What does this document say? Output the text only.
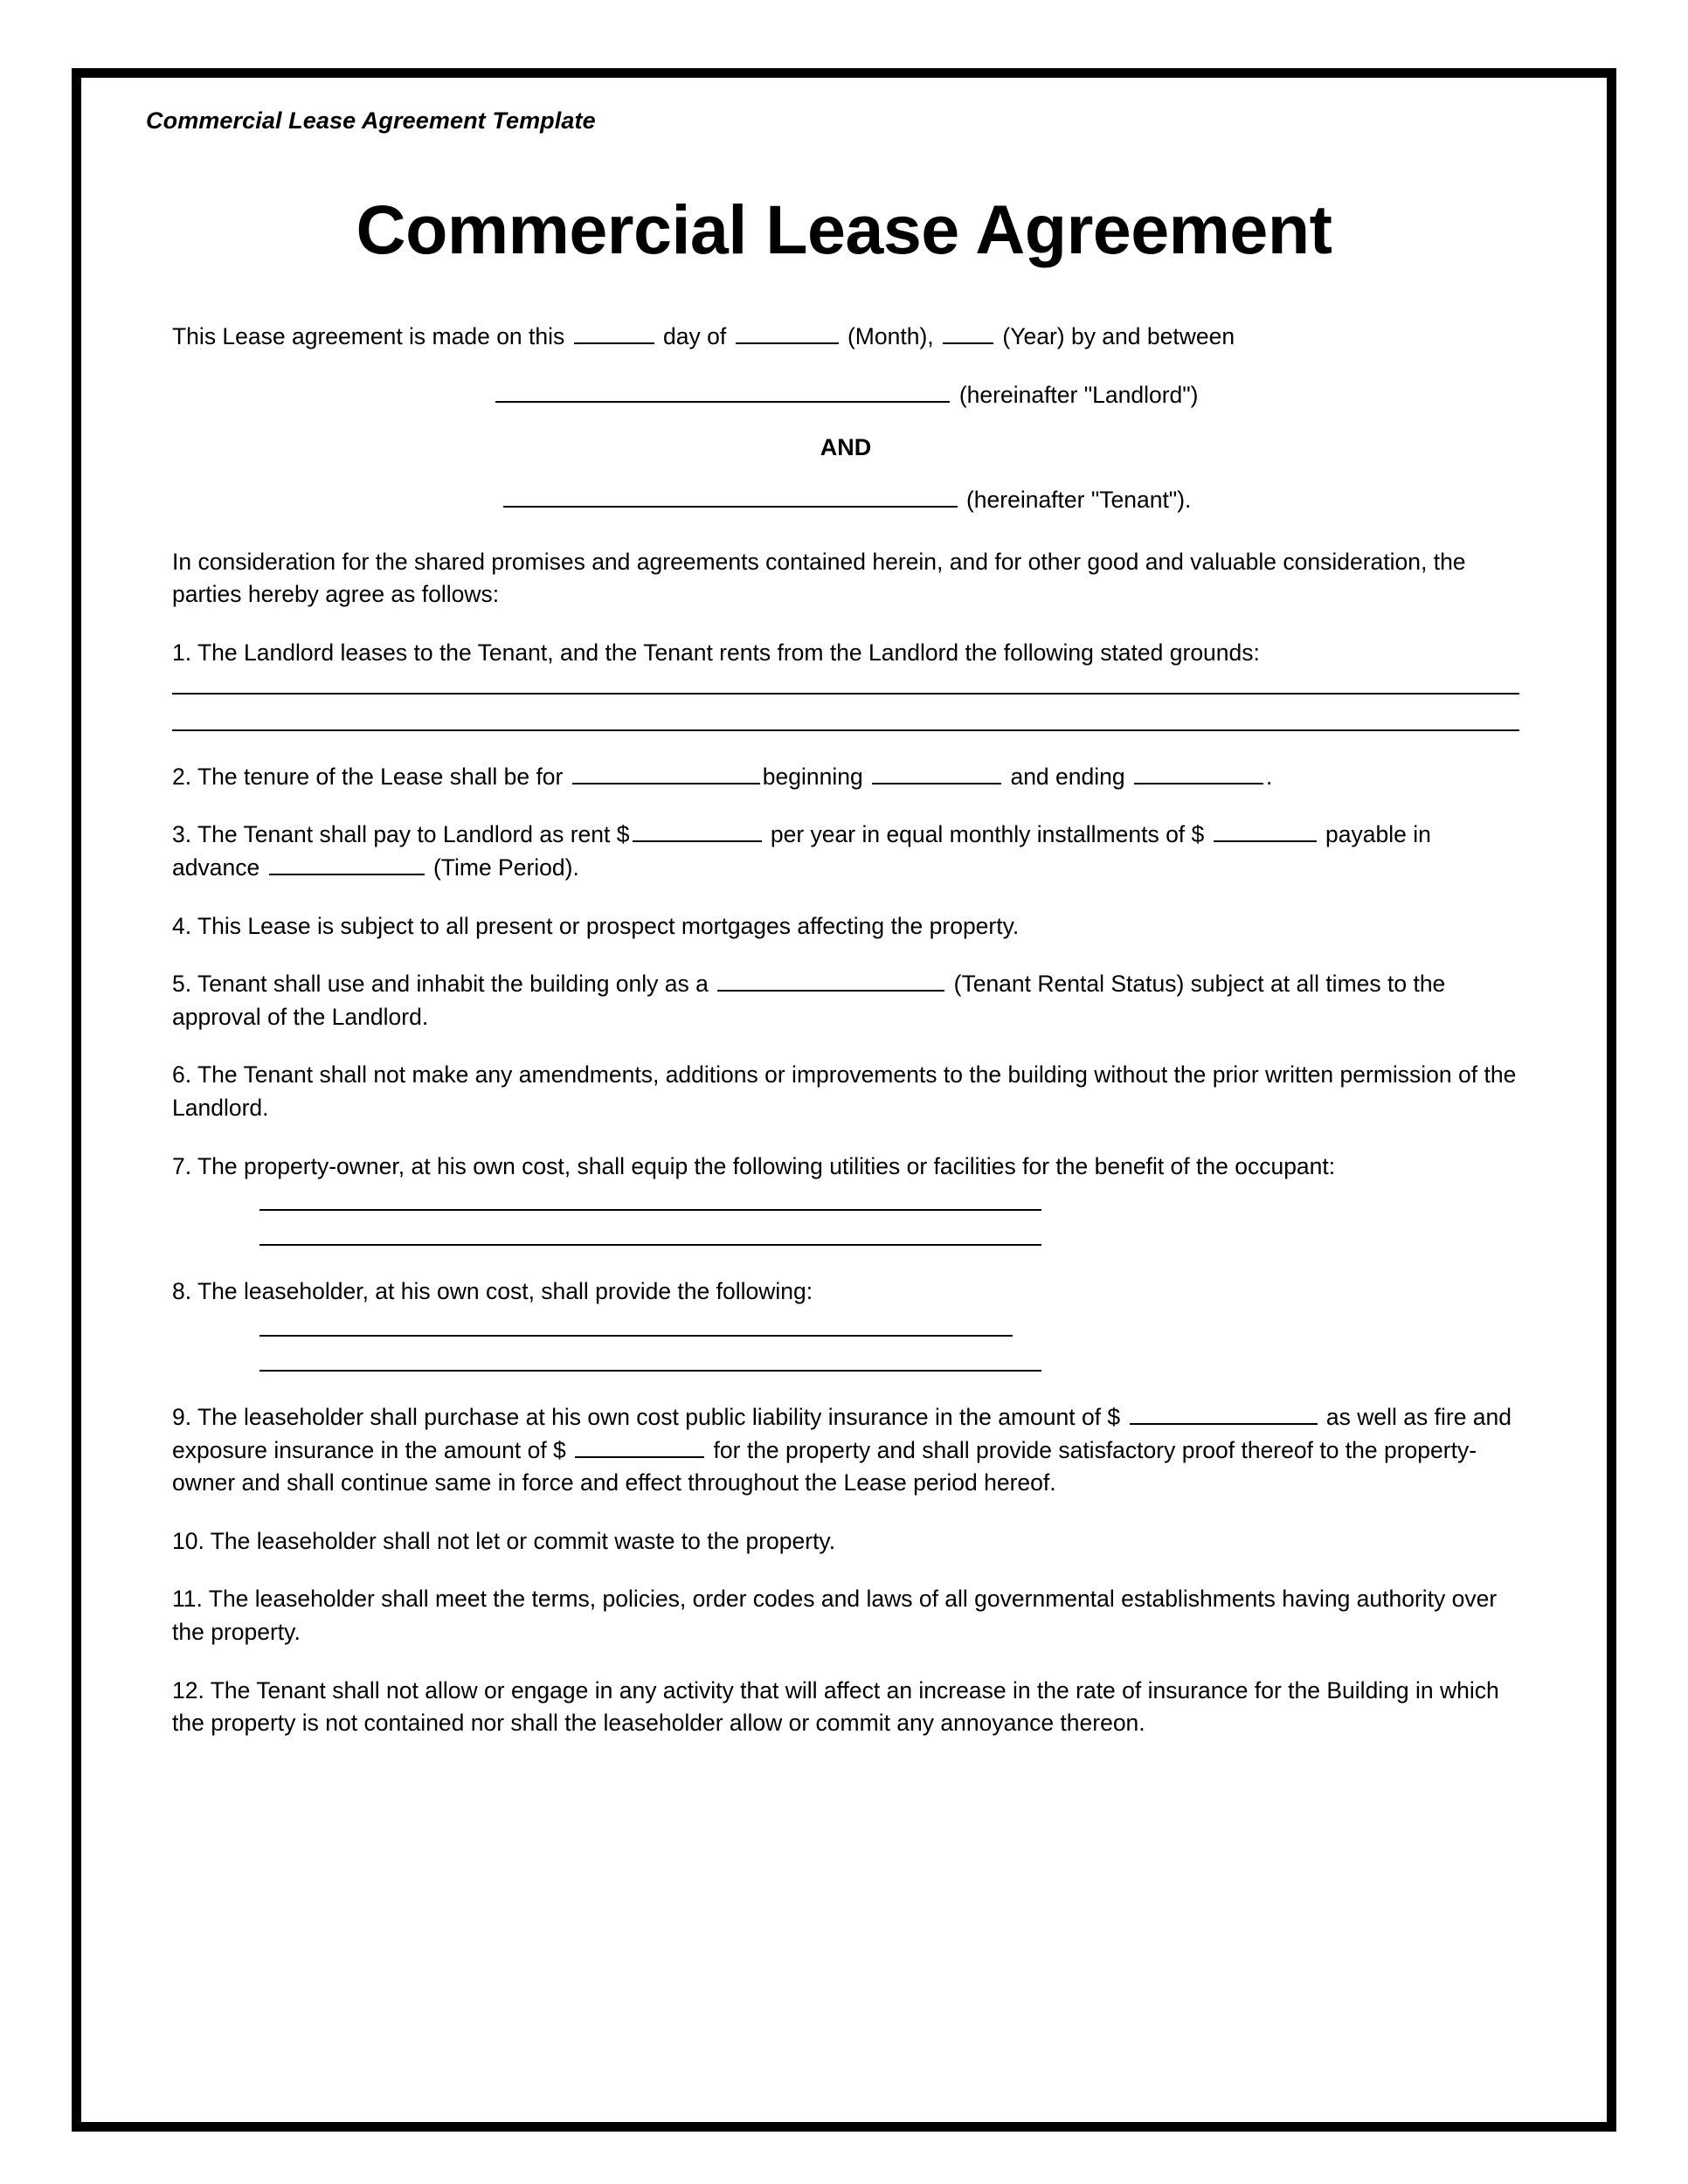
Commercial Lease Agreement Template
Commercial Lease Agreement

This Lease agreement is made on this	day of	(Month),	(Year) by and between

(hereinafter "Landlord")
AND
(hereinafter "Tenant").

In consideration for the shared promises and agreements contained herein, and for other good and valuable consideration, the parties hereby agree as follows:

1. The Landlord leases to the Tenant, and the Tenant rents from the Landlord the following stated grounds:

2. The tenure of the Lease shall be for	beginning	and ending	.

3. The Tenant shall pay to Landlord as rent $	per year in equal monthly installments of $	payable in advance	(Time Period).

4. This Lease is subject to all present or prospect mortgages affecting the property.

5. Tenant shall use and inhabit the building only as a	(Tenant Rental Status) subject at all times to the approval of the Landlord.

6. The Tenant shall not make any amendments, additions or improvements to the building without the prior written permission of the Landlord.

7. The property-owner, at his own cost, shall equip the following utilities or facilities for the benefit of the occupant:

8. The leaseholder, at his own cost, shall provide the following:

9. The leaseholder shall purchase at his own cost public liability insurance in the amount of $	as well as fire and exposure insurance in the amount of $	for the property and shall provide satisfactory proof thereof to the property-owner and shall continue same in force and effect throughout the Lease period hereof.

10. The leaseholder shall not let or commit waste to the property.

11. The leaseholder shall meet the terms, policies, order codes and laws of all governmental establishments having authority over the property.

12. The Tenant shall not allow or engage in any activity that will affect an increase in the rate of insurance for the Building in which the property is not contained nor shall the leaseholder allow or commit any annoyance thereon.
